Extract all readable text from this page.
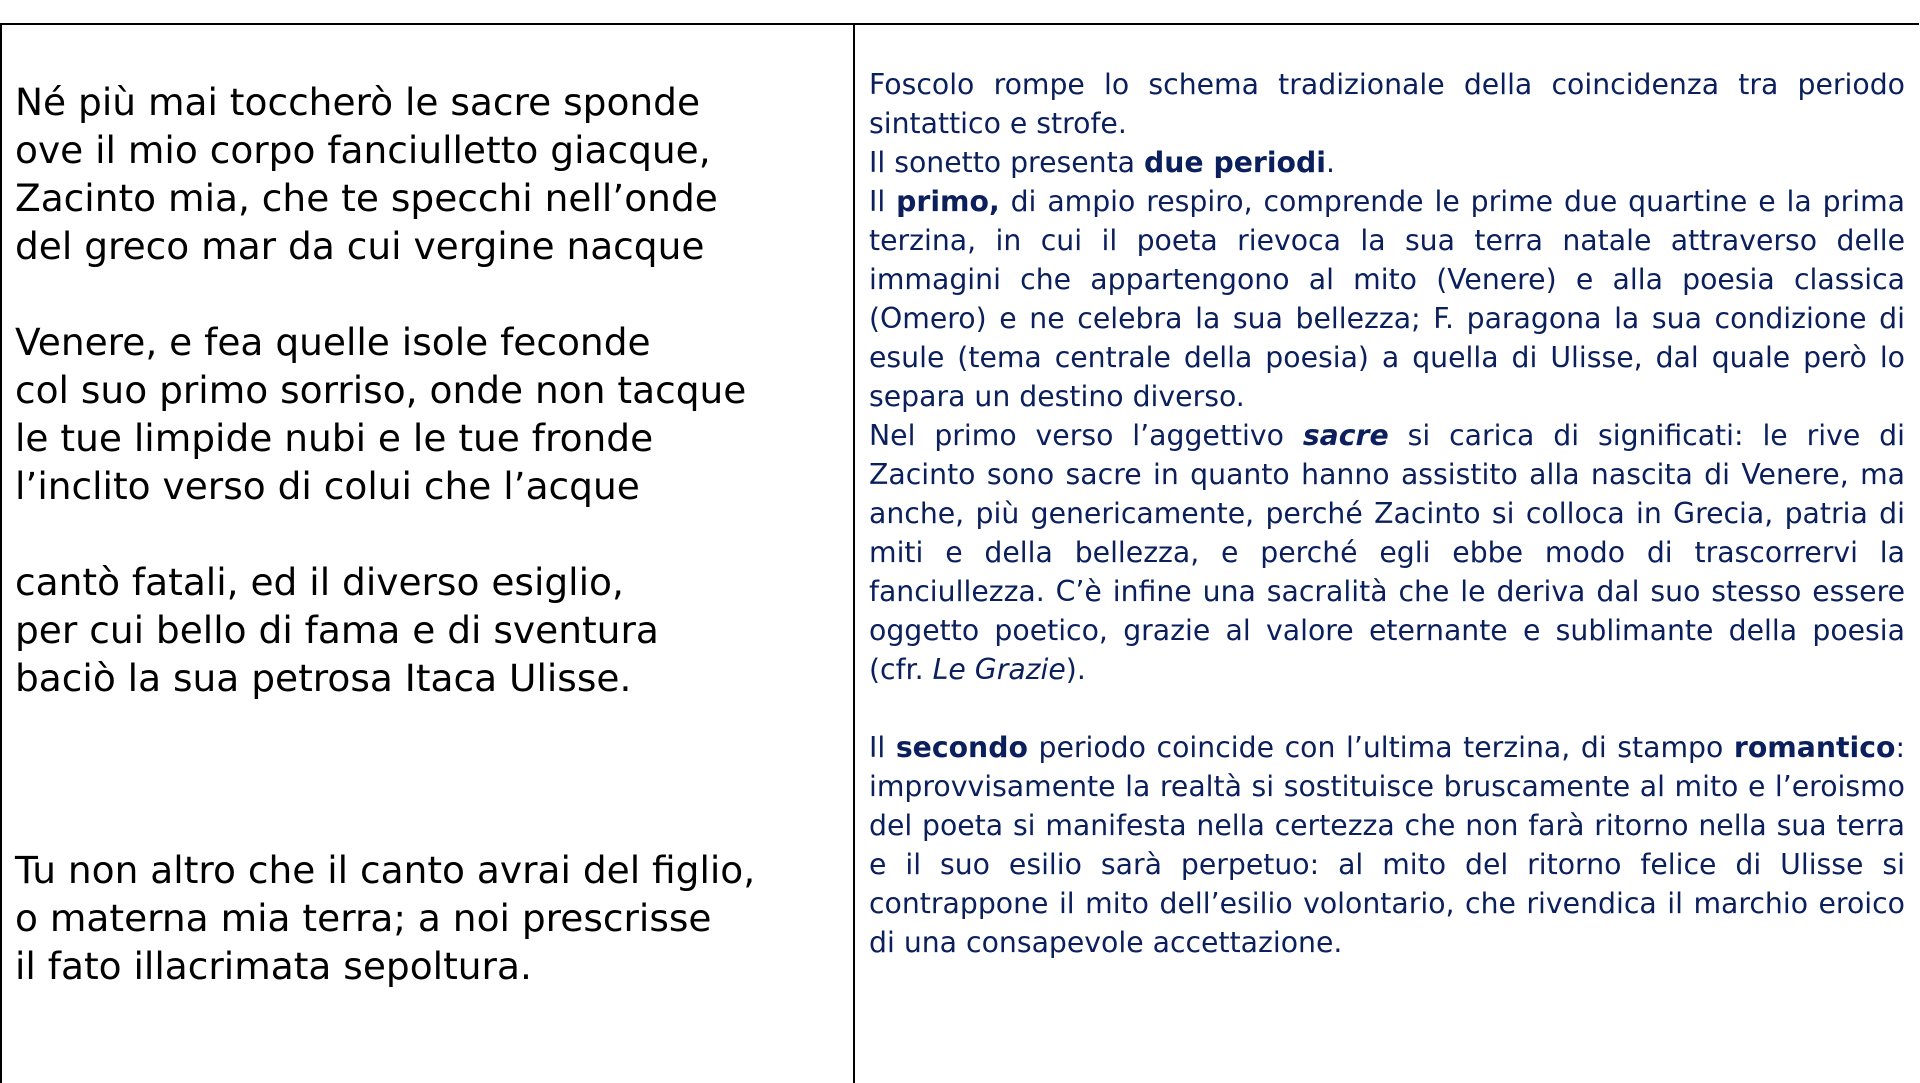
Né più mai toccherò le sacre sponde
ove il mio corpo fanciulletto giacque,
Zacinto mia, che te specchi nell’onde
del greco mar da cui vergine nacque
Venere, e fea quelle isole feconde
col suo primo sorriso, onde non tacque
le tue limpide nubi e le tue fronde
l’inclito verso di colui che l’acque
cantò fatali, ed il diverso esiglio,
per cui bello di fama e di sventura
baciò la sua petrosa Itaca Ulisse.
Tu non altro che il canto avrai del figlio,
o materna mia terra; a noi prescrisse
il fato illacrimata sepoltura.

Foscolo rompe lo schema tradizionale della coincidenza tra periodo sintattico e strofe.

Il sonetto presenta due periodi.

Il primo, di ampio respiro, comprende le prime due quartine e la prima terzina, in cui il poeta rievoca la sua terra natale attraverso delle immagini che appartengono al mito (Venere) e alla poesia classica (Omero) e ne celebra la sua bellezza; F. paragona la sua condizione di esule (tema centrale della poesia) a quella di Ulisse, dal quale però lo separa un destino diverso.

Nel primo verso l’aggettivo sacre si carica di significati: le rive di Zacinto sono sacre in quanto hanno assistito alla nascita di Venere, ma anche, più genericamente, perché Zacinto si colloca in Grecia, patria di miti e della bellezza, e perché egli ebbe modo di trascorrervi la fanciullezza. C’è infine una sacralità che le deriva dal suo stesso essere oggetto poetico, grazie al valore eternante e sublimante della poesia (cfr. Le Grazie).

Il secondo periodo coincide con l’ultima terzina, di stampo romantico: improvvisamente la realtà si sostituisce bruscamente al mito e l’eroismo del poeta si manifesta nella certezza che non farà ritorno nella sua terra e il suo esilio sarà perpetuo: al mito del ritorno felice di Ulisse si contrappone il mito dell’esilio volontario, che rivendica il marchio eroico di una consapevole accettazione.
